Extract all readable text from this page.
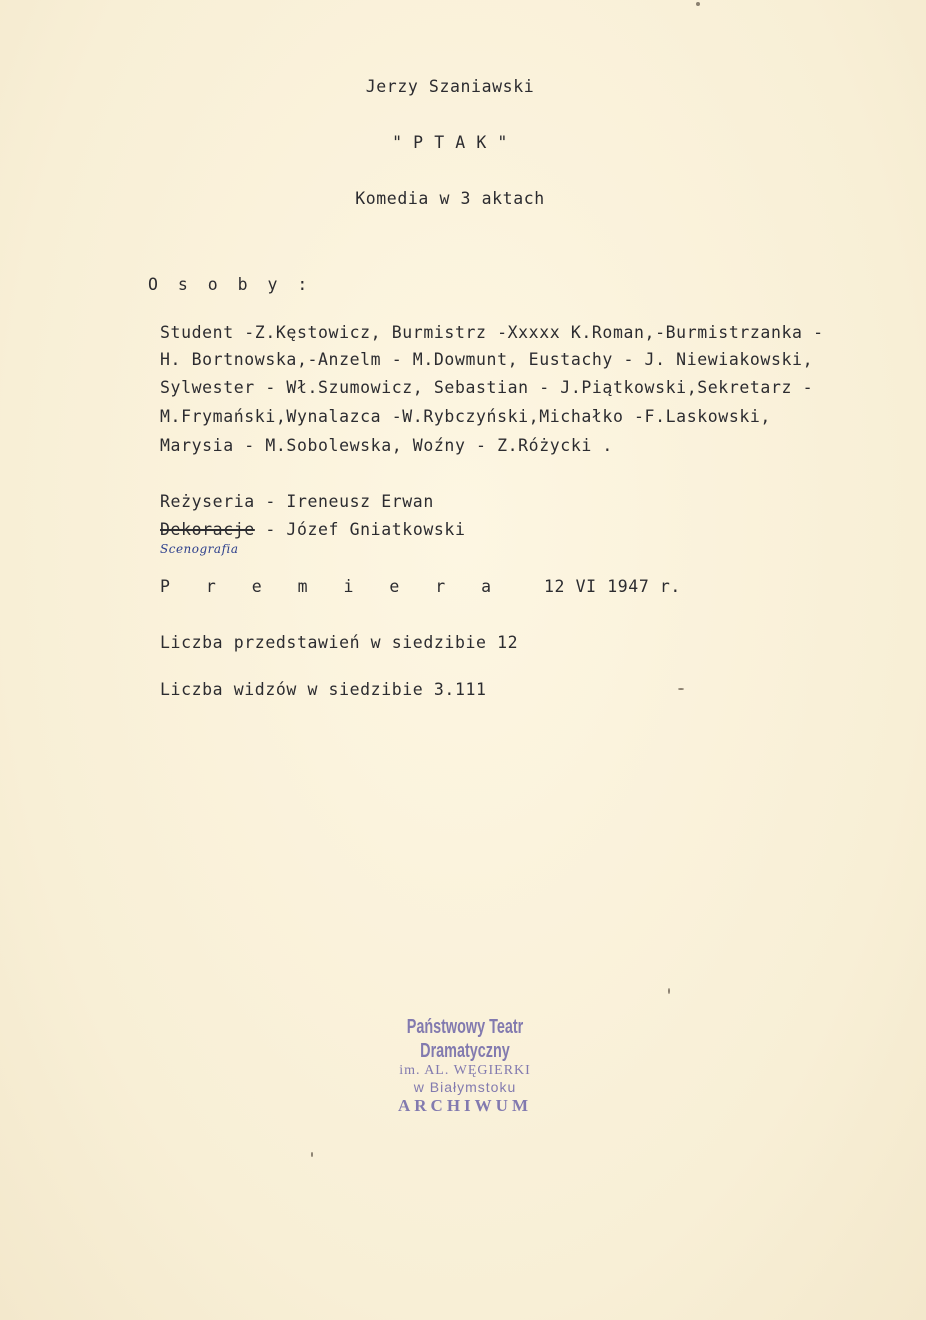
Jerzy Szaniawski
" P T A K "
Komedia w 3 aktach
O s o b y :
Student -Z.Kęstowicz, Burmistrz -Xxxxx K.Roman,-Burmistrzanka -
H. Bortnowska,-Anzelm - M.Dowmunt, Eustachy - J. Niewiakowski,
Sylwester - Wł.Szumowicz, Sebastian - J.Piątkowski,Sekretarz -
M.Frymański,Wynalazca -W.Rybczyński,Michałko -F.Laskowski,
Marysia - M.Sobolewska, Woźny - Z.Różycki .
Reżyseria - Ireneusz Erwan
Dekoracje - Józef Gniatkowski
Scenografia
P r e m i e r a 12 VI 1947 r.
Liczba przedstawień w siedzibie 12
Liczba widzów w siedzibie 3.111
Państwowy Teatr Dramatyczny
im. AL. WĘGIERKI
w Białymstoku
ARCHIWUM
